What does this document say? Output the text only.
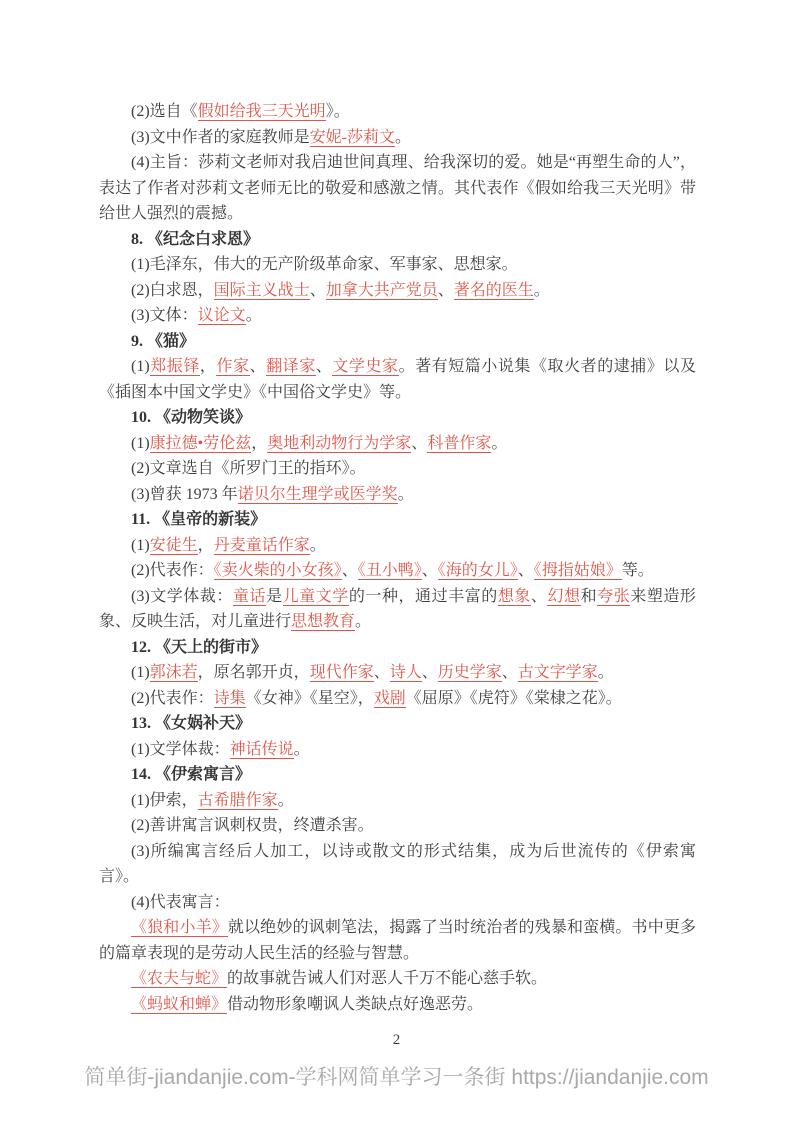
(2)选自《假如给我三天光明》。

(3)文中作者的家庭教师是安妮-莎莉文。

(4)主旨：莎莉文老师对我启迪世间真理、给我深切的爱。她是“再塑生命的人”，表达了作者对莎莉文老师无比的敬爱和感激之情。其代表作《假如给我三天光明》带给世人强烈的震撼。

8. 《纪念白求恩》

(1)毛泽东，伟大的无产阶级革命家、军事家、思想家。

(2)白求恩，国际主义战士、加拿大共产党员、著名的医生。

(3)文体：议论文。

9. 《猫》

(1)郑振铎，作家、翻译家、文学史家。著有短篇小说集《取火者的逮捕》以及《插图本中国文学史》《中国俗文学史》等。

10. 《动物笑谈》

(1)康拉德•劳伦兹，奥地利动物行为学家、科普作家。

(2)文章选自《所罗门王的指环》。

(3)曾获 1973 年诺贝尔生理学或医学奖。

11. 《皇帝的新装》

(1)安徒生，丹麦童话作家。

(2)代表作：《卖火柴的小女孩》、《丑小鸭》、《海的女儿》、《拇指姑娘》等。

(3)文学体裁：童话是儿童文学的一种，通过丰富的想象、幻想和夸张来塑造形象、反映生活，对儿童进行思想教育。

12. 《天上的街市》

(1)郭沫若，原名郭开贞，现代作家、诗人、历史学家、古文字学家。

(2)代表作：诗集《女神》《星空》，戏剧《屈原》《虎符》《棠棣之花》。

13. 《女娲补天》

(1)文学体裁：神话传说。

14. 《伊索寓言》

(1)伊索，古希腊作家。

(2)善讲寓言讽刺权贵，终遭杀害。

(3)所编寓言经后人加工，以诗或散文的形式结集，成为后世流传的《伊索寓言》。

(4)代表寓言：

《狼和小羊》就以绝妙的讽刺笔法，揭露了当时统治者的残暴和蛮横。书中更多的篇章表现的是劳动人民生活的经验与智慧。

《农夫与蛇》的故事就告诫人们对恶人千万不能心慈手软。

《蚂蚁和蝉》借动物形象嘲讽人类缺点好逸恶劳。

2
简单街-jiandanjie.com-学科网简单学习一条街 https://jiandanjie.com
